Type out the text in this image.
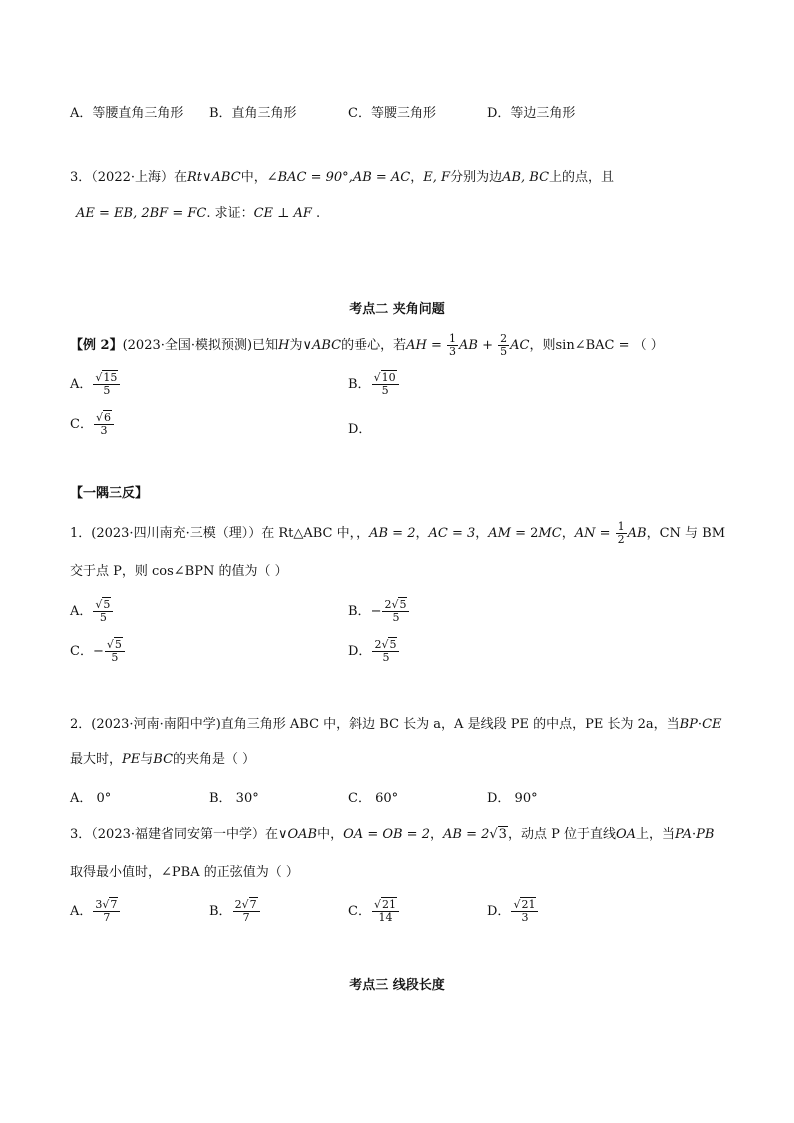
A．等腰直角三角形 B．直角三角形	C．等腰三角形	D．等边三角形
3．（2022·上海）在Rt∨ABC中，∠BAC = 90°,AB = AC，E, F分别为边AB, BC上的点，且
AE = EB, 2BF = FC. 求证：CE ⊥ AF .
考点二 夹角问题
【例 2】(2023·全国·模拟预测)已知H为∨ABC的垂心，若AH = $\frac{1}{3}$ AB + $\frac{2}{5}$ AC，则sin∠BAC = （ ）
A． $\frac{√15}{5}$	B． $\frac{√10}{5}$
C． $\frac{√6}{3}$	D．
【一隅三反】
1．(2023·四川南充·三模（理））在 Rt△ABC 中，，AB = 2，AC = 3，AM = 2MC，AN = $\frac{1}{2}$ AB，CN 与 BM
交于点 P，则 cos∠BPN 的值为（ ）
A． $\frac{√5}{5}$	B．− $\frac{2√5}{5}$
C．− $\frac{√5}{5}$	D． $\frac{2√5}{5}$
2．(2023·河南·南阳中学)直角三角形 ABC 中，斜边 BC 长为 a，A 是线段 PE 的中点，PE 长为 2a，当BP·CE
最大时，PE与BC的夹角是（ ）
A． 0°	B． 30°	C． 60°	D． 90°
3．（2023·福建省同安第一中学）在∨OAB中，OA = OB = 2，AB = 2√3，动点 P 位于直线OA上，当PA·PB
取得最小值时，∠PBA 的正弦值为（ ）
A． $\frac{3√7}{7}$	B． $\frac{2√7}{7}$	C． $\frac{√21}{14}$	D． $\frac{√21}{3}$
考点三 线段长度
